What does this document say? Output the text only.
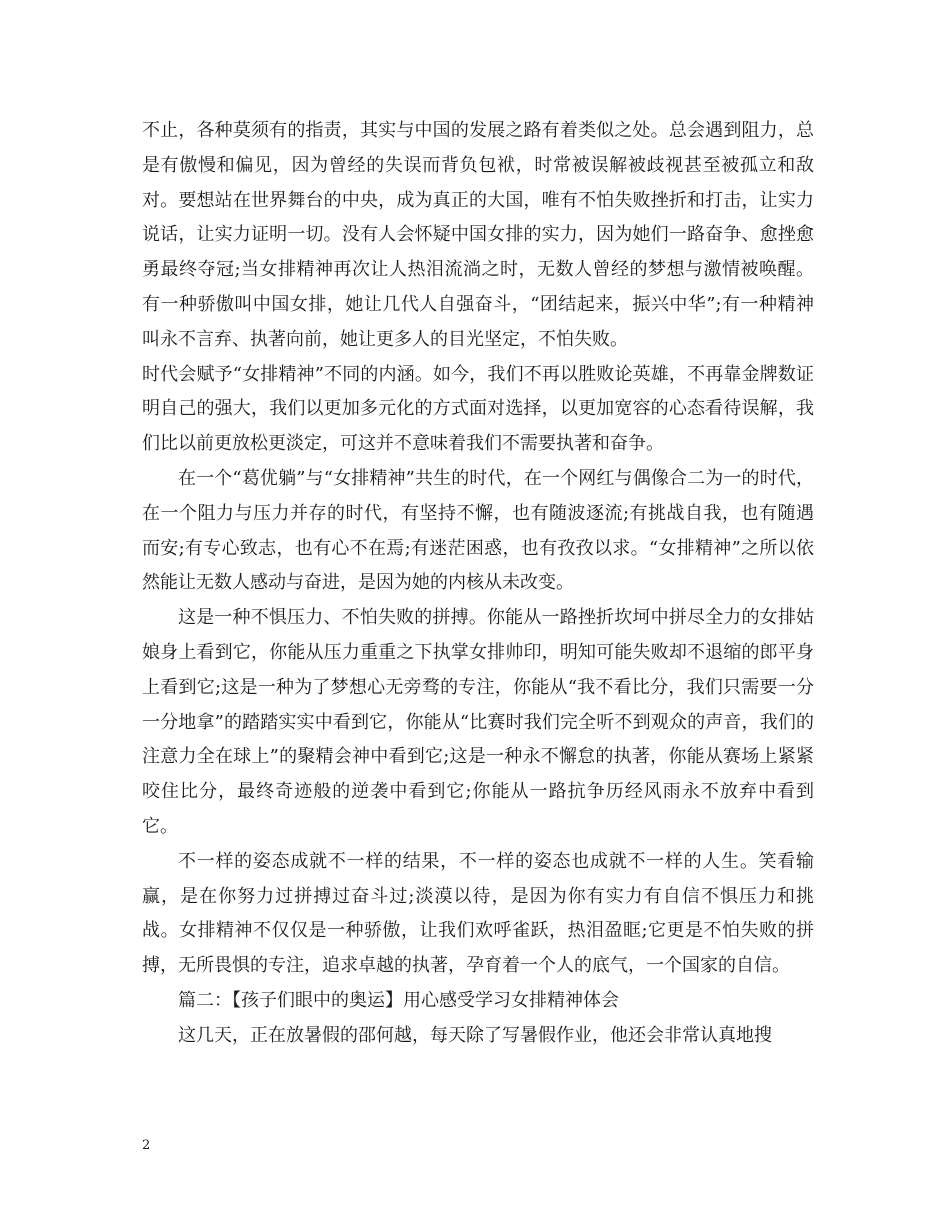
不止，各种莫须有的指责，其实与中国的发展之路有着类似之处。总会遇到阻力，总是有傲慢和偏见，因为曾经的失误而背负包袱，时常被误解被歧视甚至被孤立和敌对。要想站在世界舞台的中央，成为真正的大国，唯有不怕失败挫折和打击，让实力说话，让实力证明一切。没有人会怀疑中国女排的实力，因为她们一路奋争、愈挫愈勇最终夺冠;当女排精神再次让人热泪流淌之时，无数人曾经的梦想与激情被唤醒。有一种骄傲叫中国女排，她让几代人自强奋斗，“团结起来，振兴中华”;有一种精神叫永不言弃、执著向前，她让更多人的目光坚定，不怕失败。

时代会赋予“女排精神”不同的内涵。如今，我们不再以胜败论英雄，不再靠金牌数证明自己的强大，我们以更加多元化的方式面对选择，以更加宽容的心态看待误解，我们比以前更放松更淡定，可这并不意味着我们不需要执著和奋争。

在一个“葛优躺”与“女排精神”共生的时代，在一个网红与偶像合二为一的时代，在一个阻力与压力并存的时代，有坚持不懈，也有随波逐流;有挑战自我，也有随遇而安;有专心致志，也有心不在焉;有迷茫困惑，也有孜孜以求。“女排精神”之所以依然能让无数人感动与奋进，是因为她的内核从未改变。

这是一种不惧压力、不怕失败的拼搏。你能从一路挫折坎坷中拼尽全力的女排姑娘身上看到它，你能从压力重重之下执掌女排帅印，明知可能失败却不退缩的郎平身上看到它;这是一种为了梦想心无旁骛的专注，你能从“我不看比分，我们只需要一分一分地拿”的踏踏实实中看到它，你能从“比赛时我们完全听不到观众的声音，我们的注意力全在球上”的聚精会神中看到它;这是一种永不懈怠的执著，你能从赛场上紧紧咬住比分，最终奇迹般的逆袭中看到它;你能从一路抗争历经风雨永不放弃中看到它。

不一样的姿态成就不一样的结果，不一样的姿态也成就不一样的人生。笑看输赢，是在你努力过拼搏过奋斗过;淡漠以待，是因为你有实力有自信不惧压力和挑战。女排精神不仅仅是一种骄傲，让我们欢呼雀跃，热泪盈眶;它更是不怕失败的拼搏，无所畏惧的专注，追求卓越的执著，孕育着一个人的底气，一个国家的自信。

篇二：【孩子们眼中的奥运】用心感受学习女排精神体会

这几天，正在放暑假的邵何越，每天除了写暑假作业，他还会非常认真地搜

2
